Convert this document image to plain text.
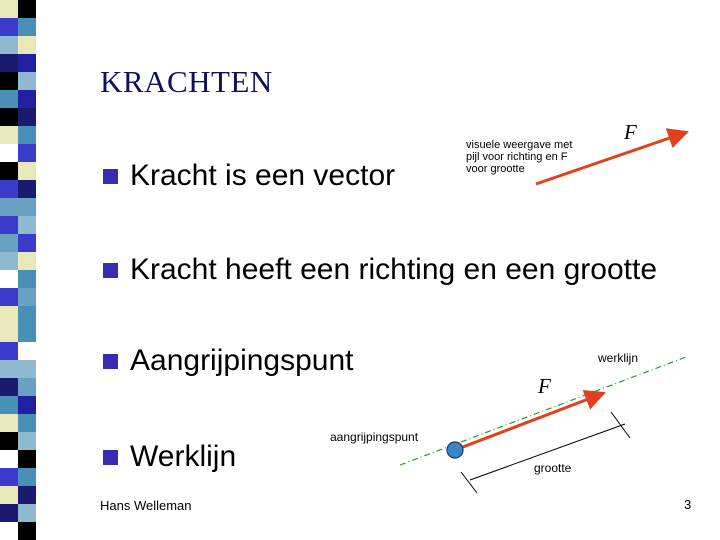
KRACHTEN
Kracht is een vector
Kracht heeft een richting en een grootte
Aangrijpingspunt
Werklijn
visuele weergave met
pijl voor richting en F
voor grootte
F
werklijn
F
aangrijpingspunt
grootte
Hans Welleman	3
